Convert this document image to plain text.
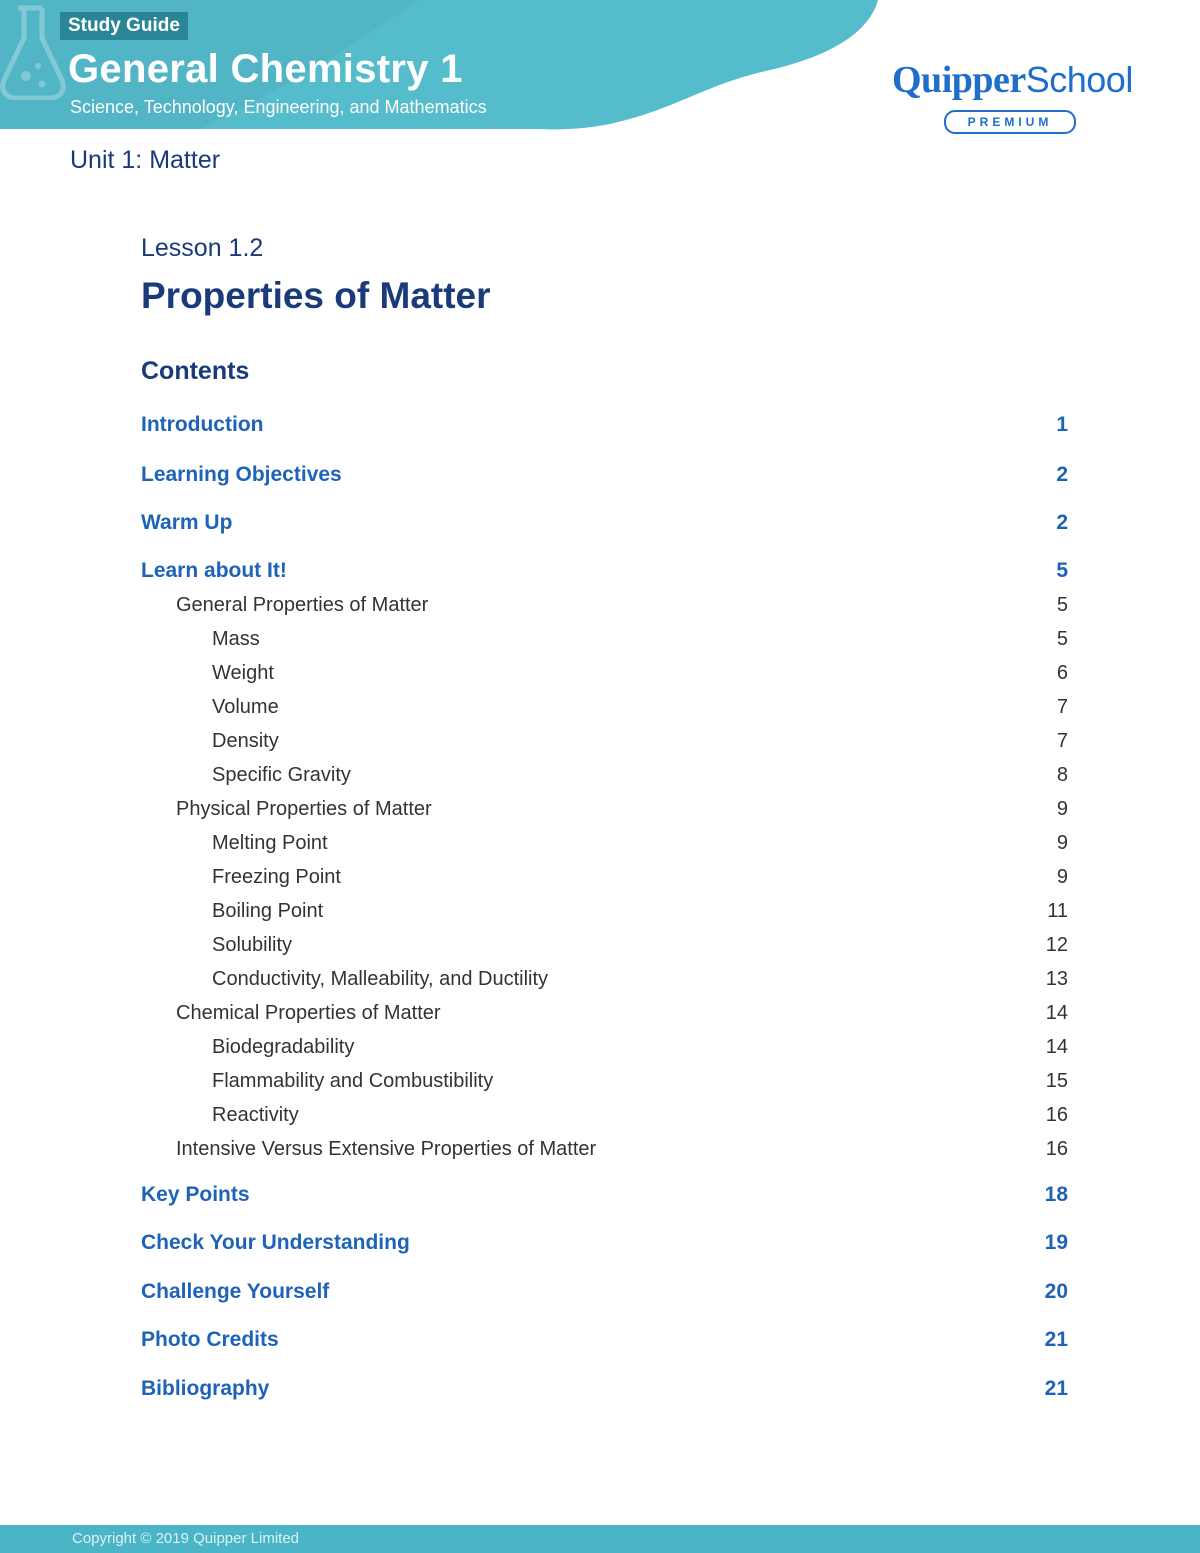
Study Guide
General Chemistry 1
Science, Technology, Engineering, and Mathematics
QuipperSchool
PREMIUM
Unit 1: Matter
Lesson 1.2
Properties of Matter
Contents
Introduction	1
Learning Objectives	2
Warm Up	2
Learn about It!	5
General Properties of Matter	5
Mass	5
Weight	6
Volume	7
Density	7
Specific Gravity	8
Physical Properties of Matter	9
Melting Point	9
Freezing Point	9
Boiling Point	11
Solubility	12
Conductivity, Malleability, and Ductility	13
Chemical Properties of Matter	14
Biodegradability	14
Flammability and Combustibility	15
Reactivity	16
Intensive Versus Extensive Properties of Matter	16
Key Points	18
Check Your Understanding	19
Challenge Yourself	20
Photo Credits	21
Bibliography	21
Copyright © 2019 Quipper Limited
